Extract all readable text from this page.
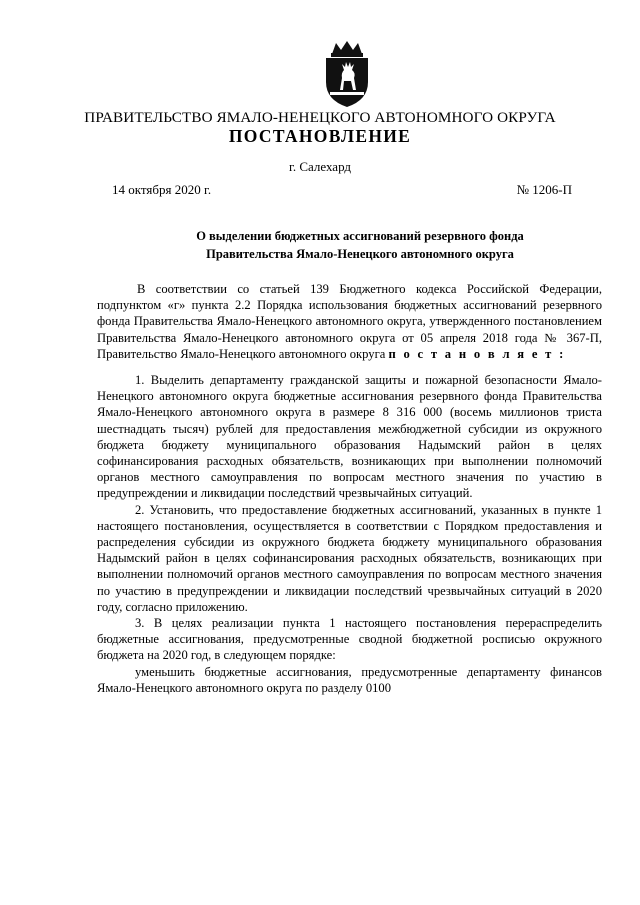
ПРАВИТЕЛЬСТВО ЯМАЛО-НЕНЕЦКОГО АВТОНОМНОГО ОКРУГА
ПОСТАНОВЛЕНИЕ
г. Салехард
14 октября 2020 г.	№ 1206-П
О выделении бюджетных ассигнований резервного фонда
Правительства Ямало-Ненецкого автономного округа

В соответствии со статьей 139 Бюджетного кодекса Российской Федерации, подпунктом «г» пункта 2.2 Порядка использования бюджетных ассигнований резервного фонда Правительства Ямало-Ненецкого автономного округа, утвержденного постановлением Правительства Ямало-Ненецкого автономного округа от 05 апреля 2018 года № 367-П, Правительство Ямало-Ненецкого автономного округа п о с т а н о в л я е т :

1. Выделить департаменту гражданской защиты и пожарной безопасности Ямало-Ненецкого автономного округа бюджетные ассигнования резервного фонда Правительства Ямало-Ненецкого автономного округа в размере 8 316 000 (восемь миллионов триста шестнадцать тысяч) рублей для предоставления межбюджетной субсидии из окружного бюджета бюджету муниципального образования Надымский район в целях софинансирования расходных обязательств, возникающих при выполнении полномочий органов местного самоуправления по вопросам местного значения по участию в предупреждении и ликвидации последствий чрезвычайных ситуаций.

2. Установить, что предоставление бюджетных ассигнований, указанных в пункте 1 настоящего постановления, осуществляется в соответствии с Порядком предоставления и распределения субсидии из окружного бюджета бюджету муниципального образования Надымский район в целях софинансирования расходных обязательств, возникающих при выполнении полномочий органов местного самоуправления по вопросам местного значения по участию в предупреждении и ликвидации последствий чрезвычайных ситуаций в 2020 году, согласно приложению.

3. В целях реализации пункта 1 настоящего постановления перераспределить бюджетные ассигнования, предусмотренные сводной бюджетной росписью окружного бюджета на 2020 год, в следующем порядке:

уменьшить бюджетные ассигнования, предусмотренные департаменту финансов Ямало-Ненецкого автономного округа по разделу 0100
